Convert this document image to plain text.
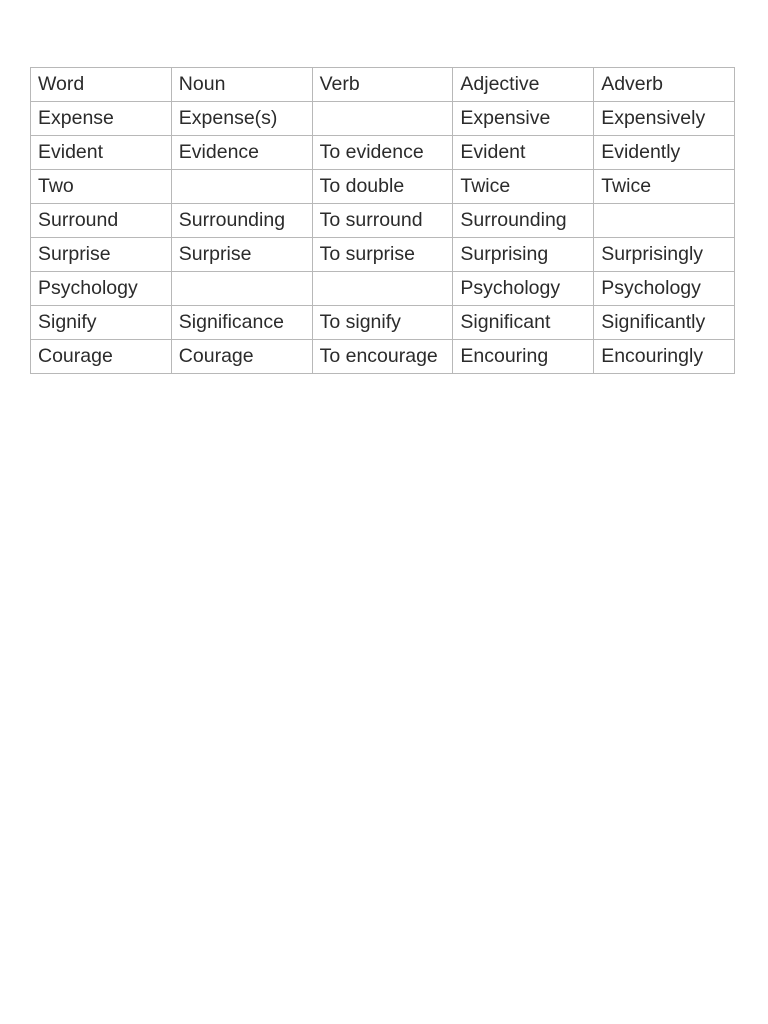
Word	Noun	Verb	Adjective	Adverb
Expense	Expense(s)		Expensive	Expensively
Evident	Evidence	To evidence	Evident	Evidently
Two		To double	Twice	Twice
Surround	Surrounding	To surround	Surrounding	
Surprise	Surprise	To surprise	Surprising	Surprisingly
Psychology			Psychology	Psychology
Signify	Significance	To signify	Significant	Significantly
Courage	Courage	To encourage	Encouring	Encouringly
